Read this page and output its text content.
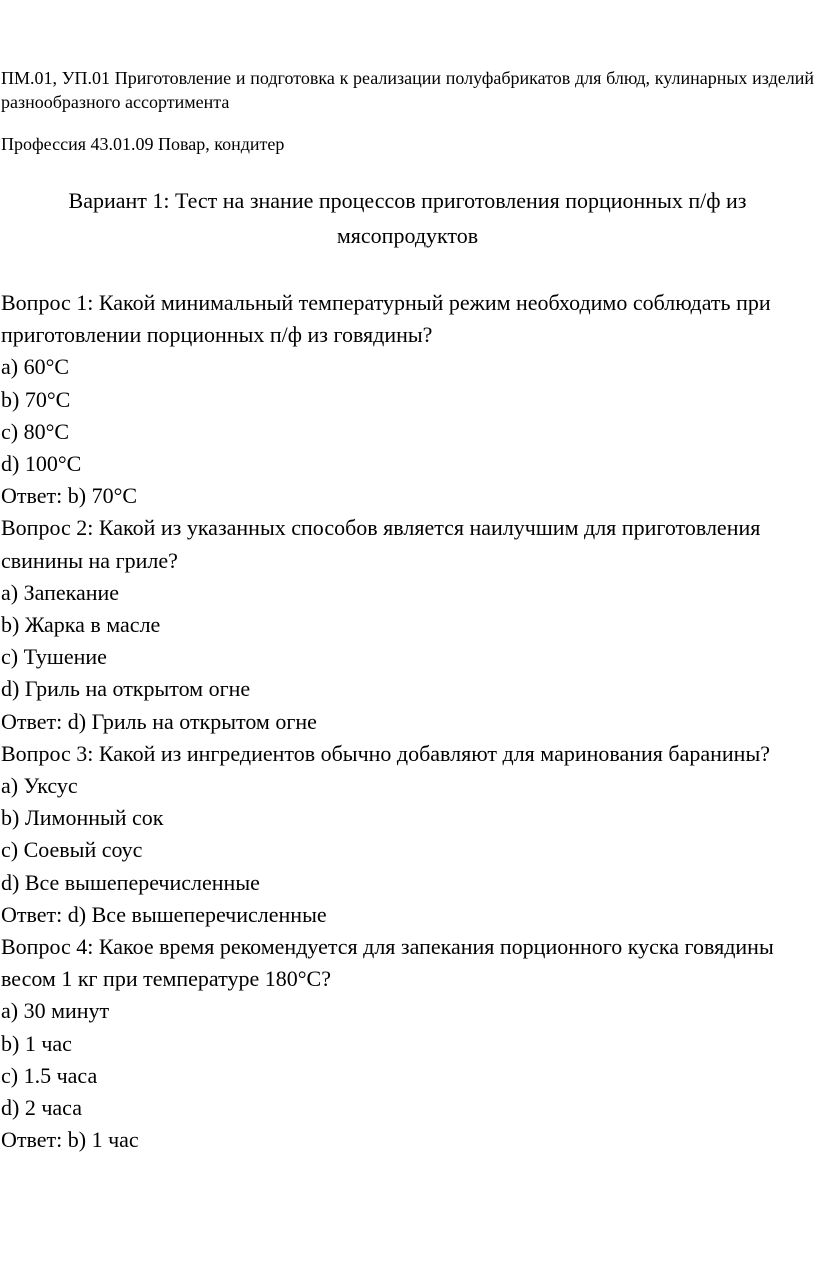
ПМ.01, УП.01 Приготовление и подготовка к реализации полуфабрикатов для блюд, кулинарных изделий разнообразного ассортимента

Профессия 43.01.09 Повар, кондитер

Вариант 1: Тест на знание процессов приготовления порционных п/ф из мясопродуктов

Вопрос 1: Какой минимальный температурный режим необходимо соблюдать при приготовлении порционных п/ф из говядины?

a) 60°C

b) 70°C

c) 80°C

d) 100°C

Ответ: b) 70°C

Вопрос 2: Какой из указанных способов является наилучшим для приготовления свинины на гриле?

a) Запекание

b) Жарка в масле

c) Тушение

d) Гриль на открытом огне

Ответ: d) Гриль на открытом огне

Вопрос 3: Какой из ингредиентов обычно добавляют для маринования баранины?

a) Уксус

b) Лимонный сок

c) Соевый соус

d) Все вышеперечисленные

Ответ: d) Все вышеперечисленные

Вопрос 4: Какое время рекомендуется для запекания порционного куска говядины весом 1 кг при температуре 180°C?

a) 30 минут

b) 1 час

c) 1.5 часа

d) 2 часа

Ответ: b) 1 час
